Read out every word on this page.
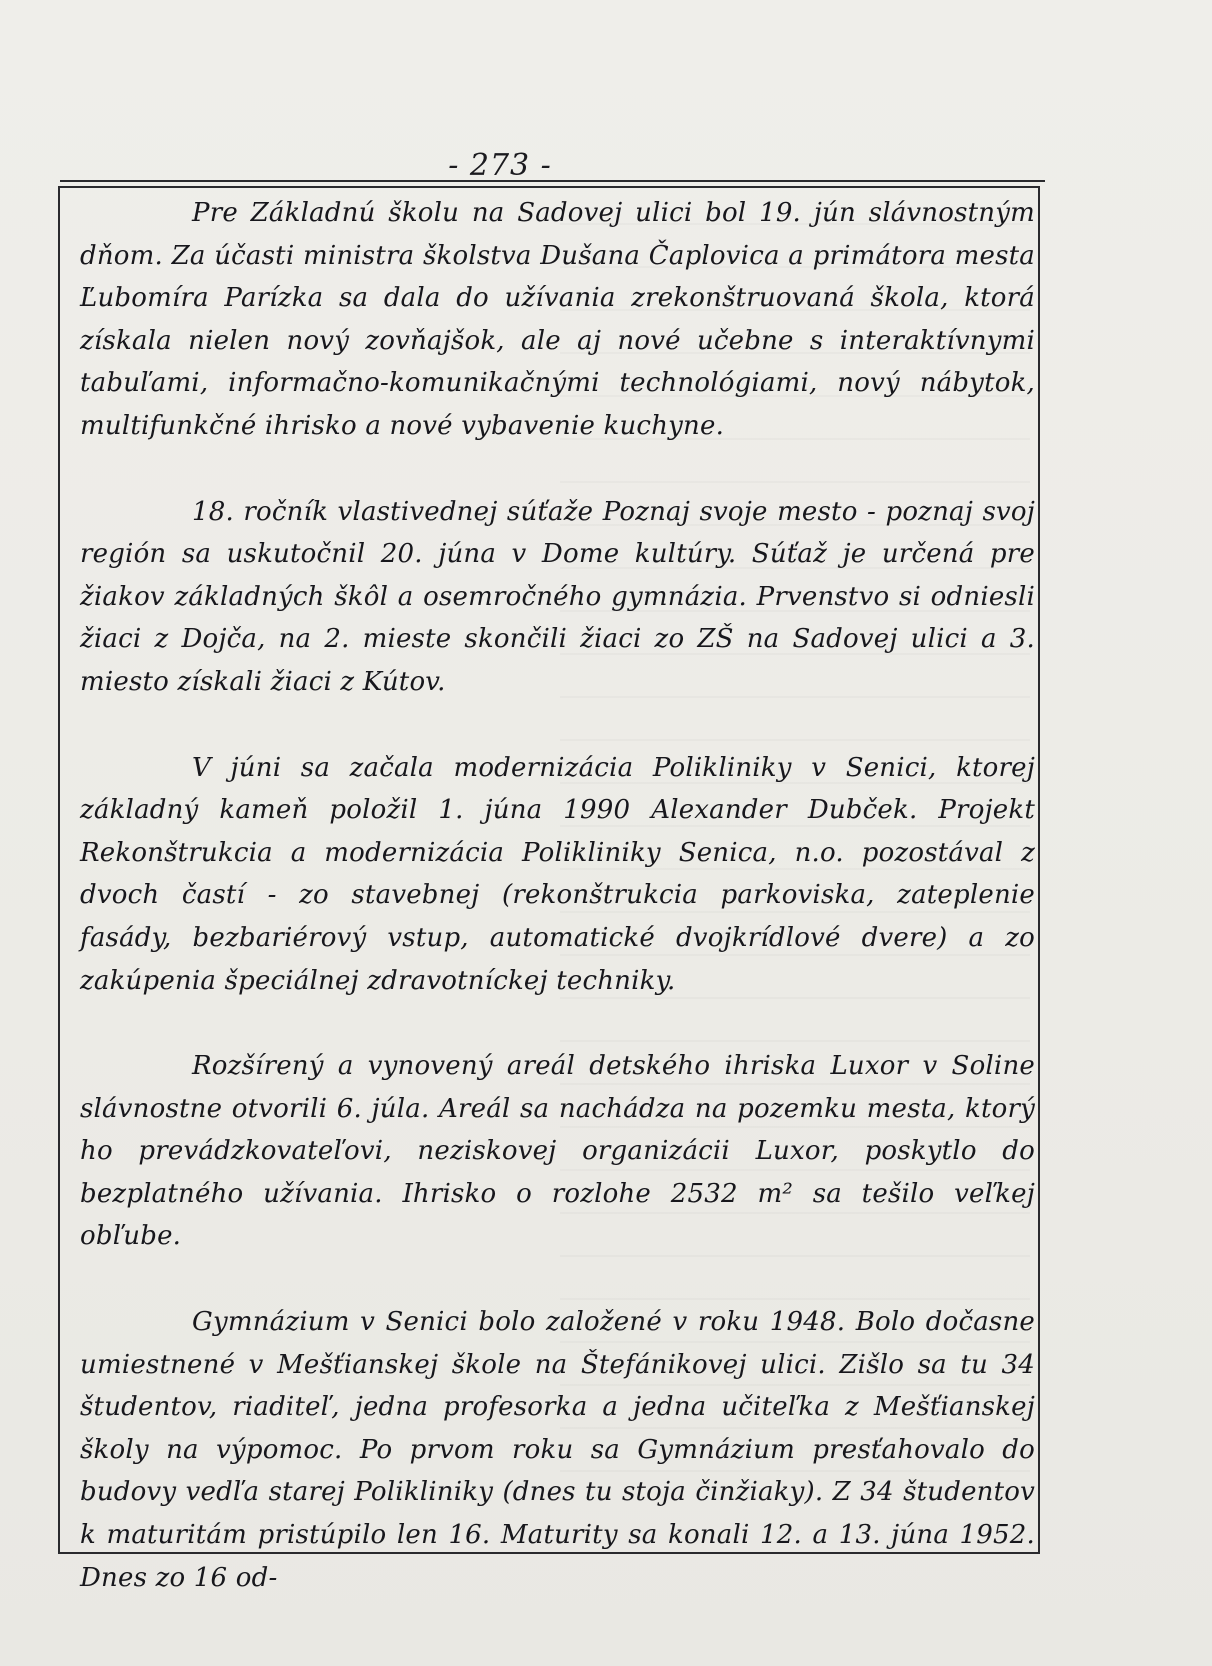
- 273 -

Pre Základnú školu na Sadovej ulici bol 19. jún slávnostným dňom. Za účasti ministra školstva Dušana Čaplovica a primátora mesta Ľubomíra Parízka sa dala do užívania zrekonštruovaná škola, ktorá získala nielen nový zovňajšok, ale aj nové učebne s interaktívnymi tabuľami, informačno-komunikačnými technológiami, nový nábytok, multifunkčné ihrisko a nové vybavenie kuchyne.

18. ročník vlastivednej súťaže Poznaj svoje mesto - poznaj svoj región sa uskutočnil 20. júna v Dome kultúry. Súťaž je určená pre žiakov základných škôl a osemročného gymnázia. Prvenstvo si odniesli žiaci z Dojča, na 2. mieste skončili žiaci zo ZŠ na Sadovej ulici a 3. miesto získali žiaci z Kútov.

V júni sa začala modernizácia Polikliniky v Senici, ktorej základný kameň položil 1. júna 1990 Alexander Dubček. Projekt Rekonštrukcia a modernizácia Polikliniky Senica, n.o. pozostával z dvoch častí - zo stavebnej (rekonštrukcia parkoviska, zateplenie fasády, bezbariérový vstup, automatické dvojkrídlové dvere) a zo zakúpenia špeciálnej zdravotníckej techniky.

Rozšírený a vynovený areál detského ihriska Luxor v Soline slávnostne otvorili 6. júla. Areál sa nachádza na pozemku mesta, ktorý ho prevádzkovateľovi, neziskovej organizácii Luxor, poskytlo do bezplatného užívania. Ihrisko o rozlohe 2532 m² sa tešilo veľkej obľube.

Gymnázium v Senici bolo založené v roku 1948. Bolo dočasne umiestnené v Mešťianskej škole na Štefánikovej ulici. Zišlo sa tu 34 študentov, riaditeľ, jedna profesorka a jedna učiteľka z Mešťianskej školy na výpomoc. Po prvom roku sa Gymnázium presťahovalo do budovy vedľa starej Polikliniky (dnes tu stoja činžiaky). Z 34 študentov k maturitám pristúpilo len 16. Maturity sa konali 12. a 13. júna 1952. Dnes zo 16 od-
